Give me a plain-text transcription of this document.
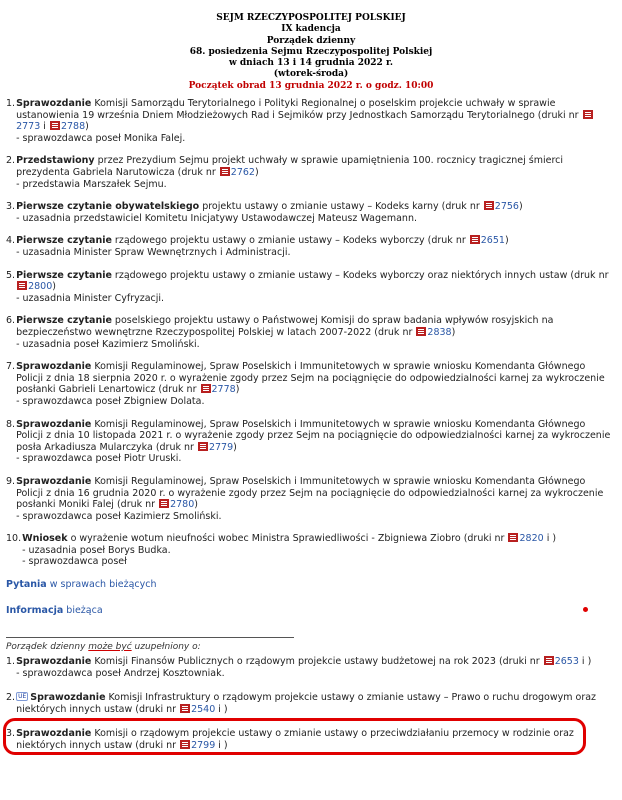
SEJM RZECZYPOSPOLITEJ POLSKIEJ
IX kadencja
Porządek dzienny
68. posiedzenia Sejmu Rzeczypospolitej Polskiej
w dniach 13 i 14 grudnia 2022 r.
(wtorek-środa)
Początek obrad 13 grudnia 2022 r. o godz. 10:00
1. Sprawozdanie Komisji Samorządu Terytorialnego i Polityki Regionalnej o poselskim projekcie uchwały w sprawie ustanowienia 19 września Dniem Młodzieżowych Rad i Sejmików przy Jednostkach Samorządu Terytorialnego (druki nr 2773 i 2788)
- sprawozdawca poseł Monika Falej.
2. Przedstawiony przez Prezydium Sejmu projekt uchwały w sprawie upamiętnienia 100. rocznicy tragicznej śmierci prezydenta Gabriela Narutowicza (druk nr 2762)
- przedstawia Marszałek Sejmu.
3. Pierwsze czytanie obywatelskiego projektu ustawy o zmianie ustawy – Kodeks karny (druk nr 2756)
- uzasadnia przedstawiciel Komitetu Inicjatywy Ustawodawczej Mateusz Wagemann.
4. Pierwsze czytanie rządowego projektu ustawy o zmianie ustawy – Kodeks wyborczy (druk nr 2651)
- uzasadnia Minister Spraw Wewnętrznych i Administracji.
5. Pierwsze czytanie rządowego projektu ustawy o zmianie ustawy – Kodeks wyborczy oraz niektórych innych ustaw (druk nr 2800)
- uzasadnia Minister Cyfryzacji.
6. Pierwsze czytanie poselskiego projektu ustawy o Państwowej Komisji do spraw badania wpływów rosyjskich na bezpieczeństwo wewnętrzne Rzeczypospolitej Polskiej w latach 2007-2022 (druk nr 2838)
- uzasadnia poseł Kazimierz Smoliński.
7. Sprawozdanie Komisji Regulaminowej, Spraw Poselskich i Immunitetowych w sprawie wniosku Komendanta Głównego Policji z dnia 18 sierpnia 2020 r. o wyrażenie zgody przez Sejm na pociągnięcie do odpowiedzialności karnej za wykroczenie posłanki Gabrieli Lenartowicz (druk nr 2778)
- sprawozdawca poseł Zbigniew Dolata.
8. Sprawozdanie Komisji Regulaminowej, Spraw Poselskich i Immunitetowych w sprawie wniosku Komendanta Głównego Policji z dnia 10 listopada 2021 r. o wyrażenie zgody przez Sejm na pociągnięcie do odpowiedzialności karnej za wykroczenie posła Arkadiusza Mularczyka (druk nr 2779)
- sprawozdawca poseł Piotr Uruski.
9. Sprawozdanie Komisji Regulaminowej, Spraw Poselskich i Immunitetowych w sprawie wniosku Komendanta Głównego Policji z dnia 16 grudnia 2020 r. o wyrażenie zgody przez Sejm na pociągnięcie do odpowiedzialności karnej za wykroczenie posłanki Moniki Falej (druk nr 2780)
- sprawozdawca poseł Kazimierz Smoliński.
10. Wniosek o wyrażenie wotum nieufności wobec Ministra Sprawiedliwości - Zbigniewa Ziobro (druki nr 2820 i )
- uzasadnia poseł Borys Budka.
- sprawozdawca poseł
Pytania w sprawach bieżących
Informacja bieżąca
Porządek dzienny może być uzupełniony o:
1. Sprawozdanie Komisji Finansów Publicznych o rządowym projekcie ustawy budżetowej na rok 2023 (druki nr 2653 i )
- sprawozdawca poseł Andrzej Kosztowniak.
2. UE Sprawozdanie Komisji Infrastruktury o rządowym projekcie ustawy o zmianie ustawy – Prawo o ruchu drogowym oraz niektórych innych ustaw (druki nr 2540 i )
3. Sprawozdanie Komisji o rządowym projekcie ustawy o zmianie ustawy o przeciwdziałaniu przemocy w rodzinie oraz niektórych innych ustaw (druki nr 2799 i )
